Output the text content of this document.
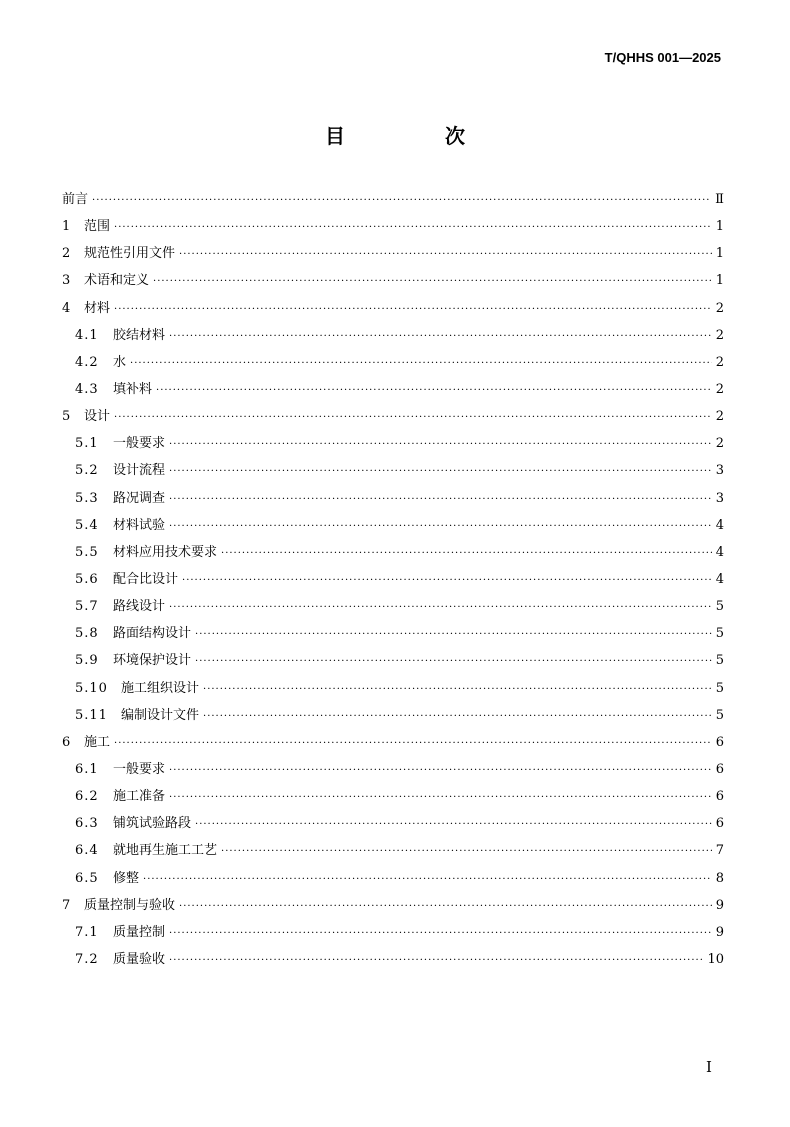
T/QHHS 001—2025
目　次
前言 ·····	Ⅱ
1	范围 ·····	1
2	规范性引用文件 ·····	1
3	术语和定义 ·····	1
4	材料 ·····	2
4.1	胶结材料 ·····	2
4.2	水 ·····	2
4.3	填补料 ·····	2
5	设计 ·····	2
5.1	一般要求 ·····	2
5.2	设计流程 ·····	3
5.3	路况调查 ·····	3
5.4	材料试验 ·····	4
5.5	材料应用技术要求 ·····	4
5.6	配合比设计 ·····	4
5.7	路线设计 ·····	5
5.8	路面结构设计 ·····	5
5.9	环境保护设计 ·····	5
5.10	施工组织设计 ·····	5
5.11	编制设计文件 ·····	5
6	施工 ·····	6
6.1	一般要求 ·····	6
6.2	施工准备 ·····	6
6.3	铺筑试验路段 ·····	6
6.4	就地再生施工工艺 ·····	7
6.5	修整 ·····	8
7	质量控制与验收 ·····	9
7.1	质量控制 ·····	9
7.2	质量验收 ·····	10
I
